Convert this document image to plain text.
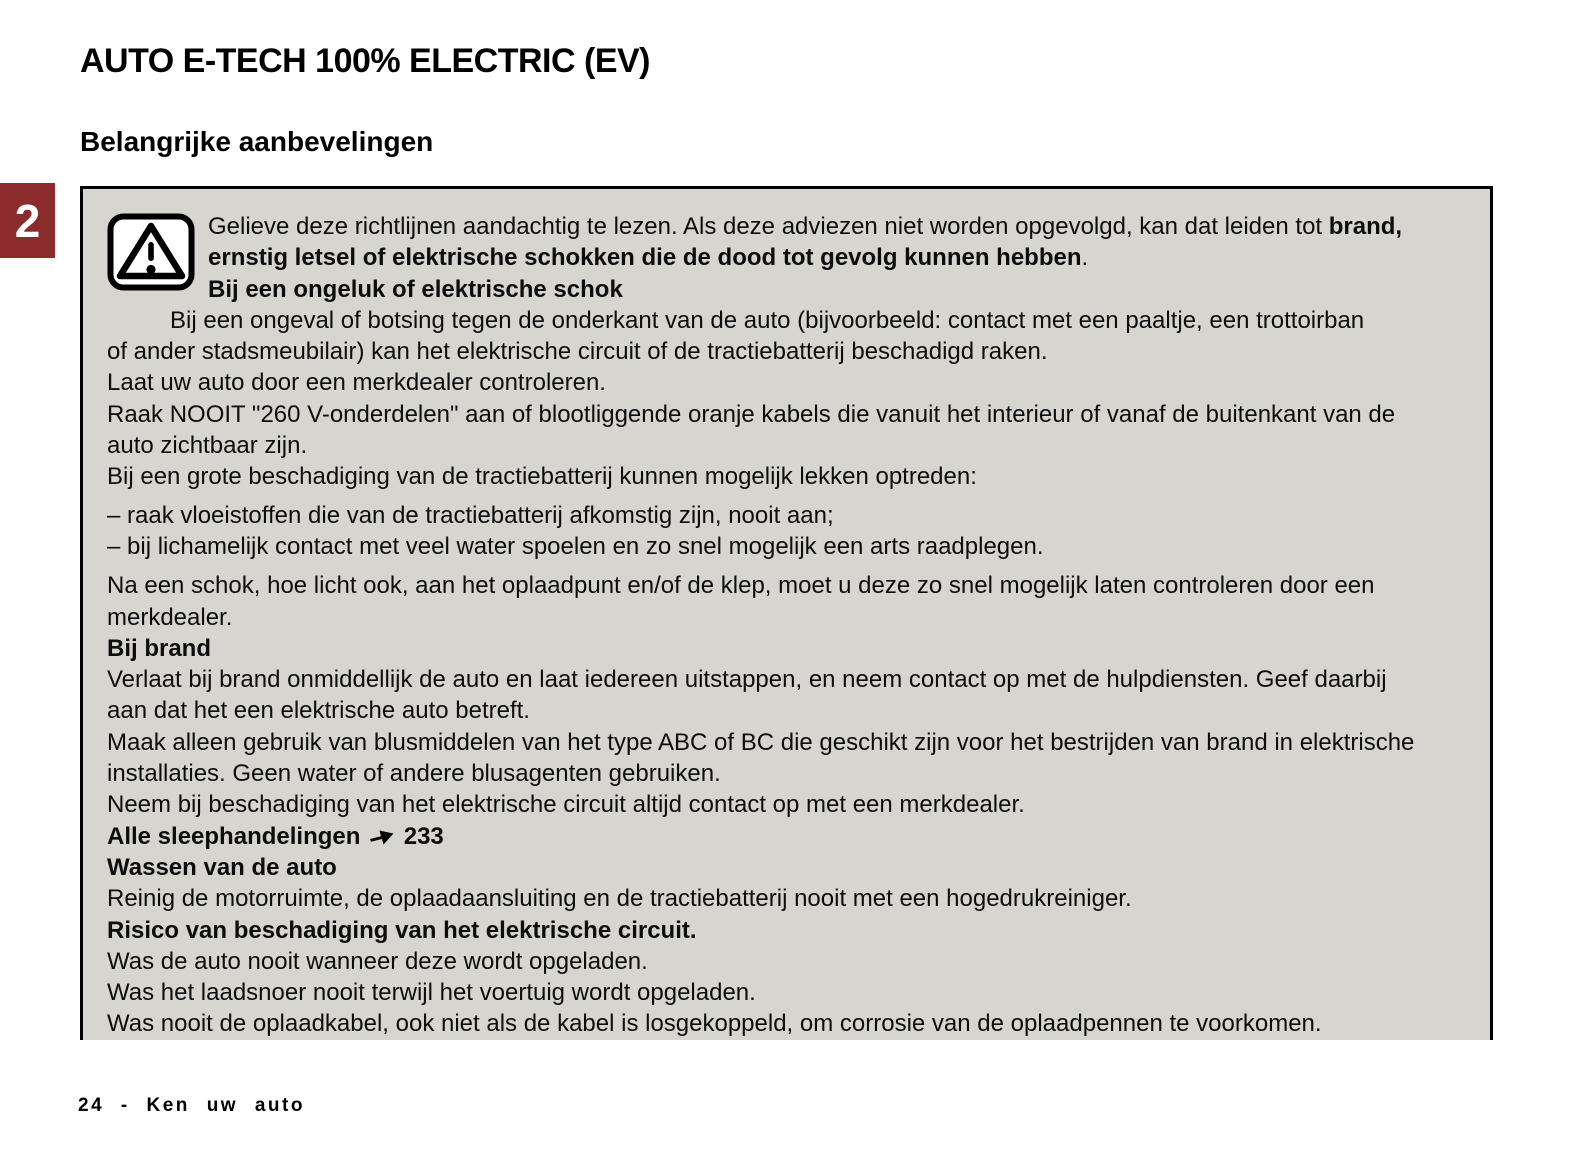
AUTO E-TECH 100% ELECTRIC (EV)
Belangrijke aanbevelingen
2	Gelieve deze richtlijnen aandachtig te lezen. Als deze adviezen niet worden opgevolgd, kan dat leiden tot brand,
ernstig letsel of elektrische schokken die de dood tot gevolg kunnen hebben.
Bij een ongeluk of elektrische schok
Bij een ongeval of botsing tegen de onderkant van de auto (bijvoorbeeld: contact met een paaltje, een trottoirban
of ander stadsmeubilair) kan het elektrische circuit of de tractiebatterij beschadigd raken.
Laat uw auto door een merkdealer controleren.
Raak NOOIT "260 V-onderdelen" aan of blootliggende oranje kabels die vanuit het interieur of vanaf de buitenkant van de
auto zichtbaar zijn.
Bij een grote beschadiging van de tractiebatterij kunnen mogelijk lekken optreden:
– raak vloeistoffen die van de tractiebatterij afkomstig zijn, nooit aan;
– bij lichamelijk contact met veel water spoelen en zo snel mogelijk een arts raadplegen.
Na een schok, hoe licht ook, aan het oplaadpunt en/of de klep, moet u deze zo snel mogelijk laten controleren door een
merkdealer.
Bij brand
Verlaat bij brand onmiddellijk de auto en laat iedereen uitstappen, en neem contact op met de hulpdiensten. Geef daarbij
aan dat het een elektrische auto betreft.
Maak alleen gebruik van blusmiddelen van het type ABC of BC die geschikt zijn voor het bestrijden van brand in elektrische
installaties. Geen water of andere blusagenten gebruiken.
Neem bij beschadiging van het elektrische circuit altijd contact op met een merkdealer.
Alle sleephandelingen  233
Wassen van de auto
Reinig de motorruimte, de oplaadaansluiting en de tractiebatterij nooit met een hogedrukreiniger.
Risico van beschadiging van het elektrische circuit.
Was de auto nooit wanneer deze wordt opgeladen.
Was het laadsnoer nooit terwijl het voertuig wordt opgeladen.
Was nooit de oplaadkabel, ook niet als de kabel is losgekoppeld, om corrosie van de oplaadpennen te voorkomen.
24 - Ken uw auto
